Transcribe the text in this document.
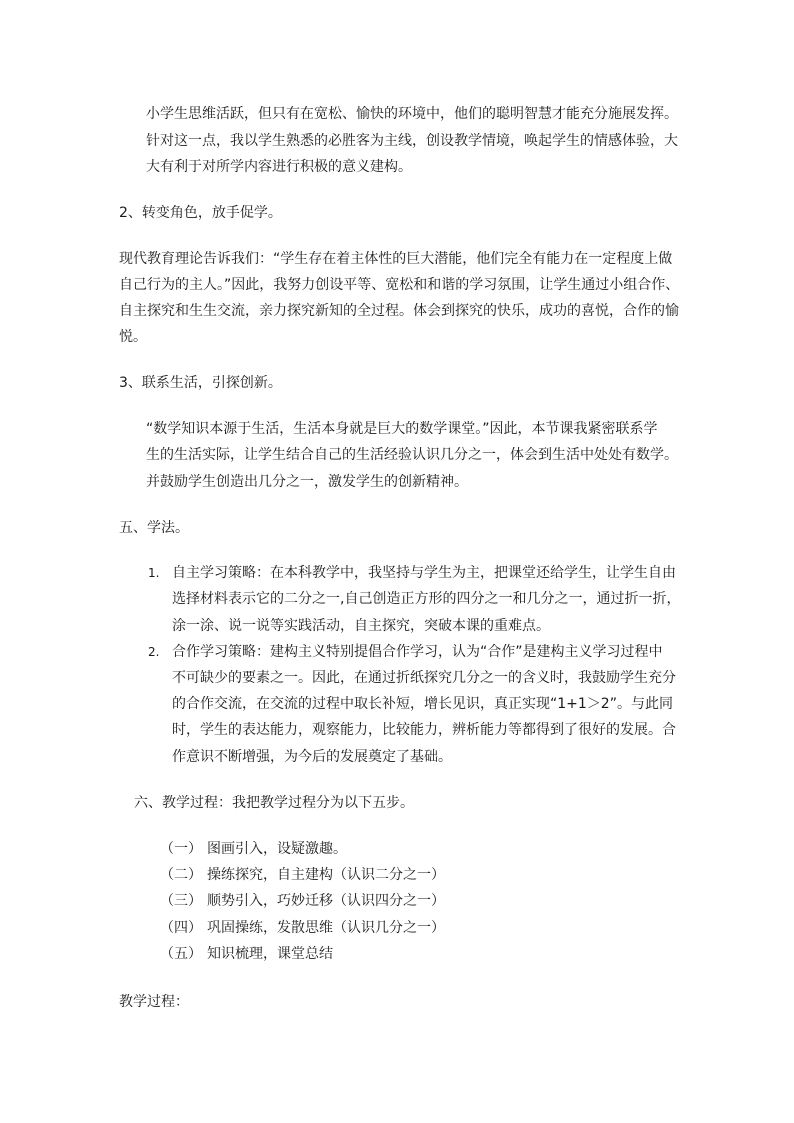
小学生思维活跃，但只有在宽松、愉快的环境中，他们的聪明智慧才能充分施展发挥。
针对这一点，我以学生熟悉的必胜客为主线，创设教学情境，唤起学生的情感体验，大
大有利于对所学内容进行积极的意义建构。
2、转变角色，放手促学。
现代教育理论告诉我们：“学生存在着主体性的巨大潜能，他们完全有能力在一定程度上做
自己行为的主人。”因此，我努力创设平等、宽松和和谐的学习氛围，让学生通过小组合作、
自主探究和生生交流，亲力探究新知的全过程。体会到探究的快乐，成功的喜悦，合作的愉
悦。
3、联系生活，引探创新。
“数学知识本源于生活，生活本身就是巨大的数学课堂。”因此，本节课我紧密联系学
生的生活实际，让学生结合自己的生活经验认识几分之一，体会到生活中处处有数学。
并鼓励学生创造出几分之一，激发学生的创新精神。
五、学法。
1. 自主学习策略：在本科教学中，我坚持与学生为主，把课堂还给学生，让学生自由
选择材料表示它的二分之一,自己创造正方形的四分之一和几分之一，通过折一折，
涂一涂、说一说等实践活动，自主探究，突破本课的重难点。
2. 合作学习策略：建构主义特别提倡合作学习，认为“合作”是建构主义学习过程中
不可缺少的要素之一。因此，在通过折纸探究几分之一的含义时，我鼓励学生充分
的合作交流，在交流的过程中取长补短，增长见识，真正实现“1+1＞2”。与此同
时，学生的表达能力，观察能力，比较能力，辨析能力等都得到了很好的发展。合
作意识不断增强，为今后的发展奠定了基础。
六、教学过程：我把教学过程分为以下五步。
（一） 图画引入，设疑激趣。
（二） 操练探究，自主建构（认识二分之一）
（三） 顺势引入，巧妙迁移（认识四分之一）
（四） 巩固操练，发散思维（认识几分之一）
（五） 知识梳理，课堂总结
教学过程：
